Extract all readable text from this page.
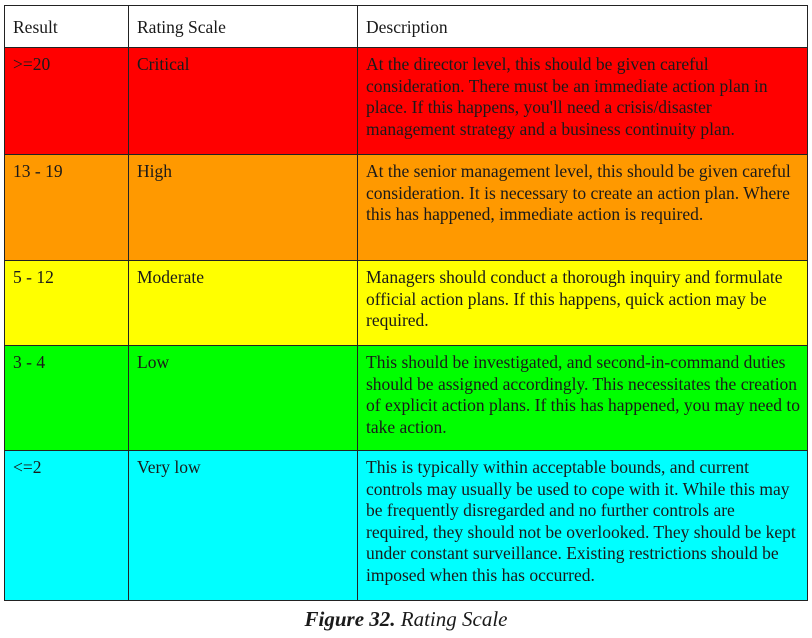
Result	Rating Scale	Description
>=20	Critical	At the director level, this should be given careful consideration. There must be an immediate action plan in place. If this happens, you'll need a crisis/disaster management strategy and a business continuity plan.
13 - 19	High	At the senior management level, this should be given careful consideration. It is necessary to create an action plan. Where this has happened, immediate action is required.
5 - 12	Moderate	Managers should conduct a thorough inquiry and formulate official action plans. If this happens, quick action may be required.
3 - 4	Low	This should be investigated, and second-in-command duties should be assigned accordingly. This necessitates the creation of explicit action plans. If this has happened, you may need to take action.
<=2	Very low	This is typically within acceptable bounds, and current controls may usually be used to cope with it. While this may be frequently disregarded and no further controls are required, they should not be overlooked. They should be kept under constant surveillance. Existing restrictions should be imposed when this has occurred.
Figure 32. Rating Scale
